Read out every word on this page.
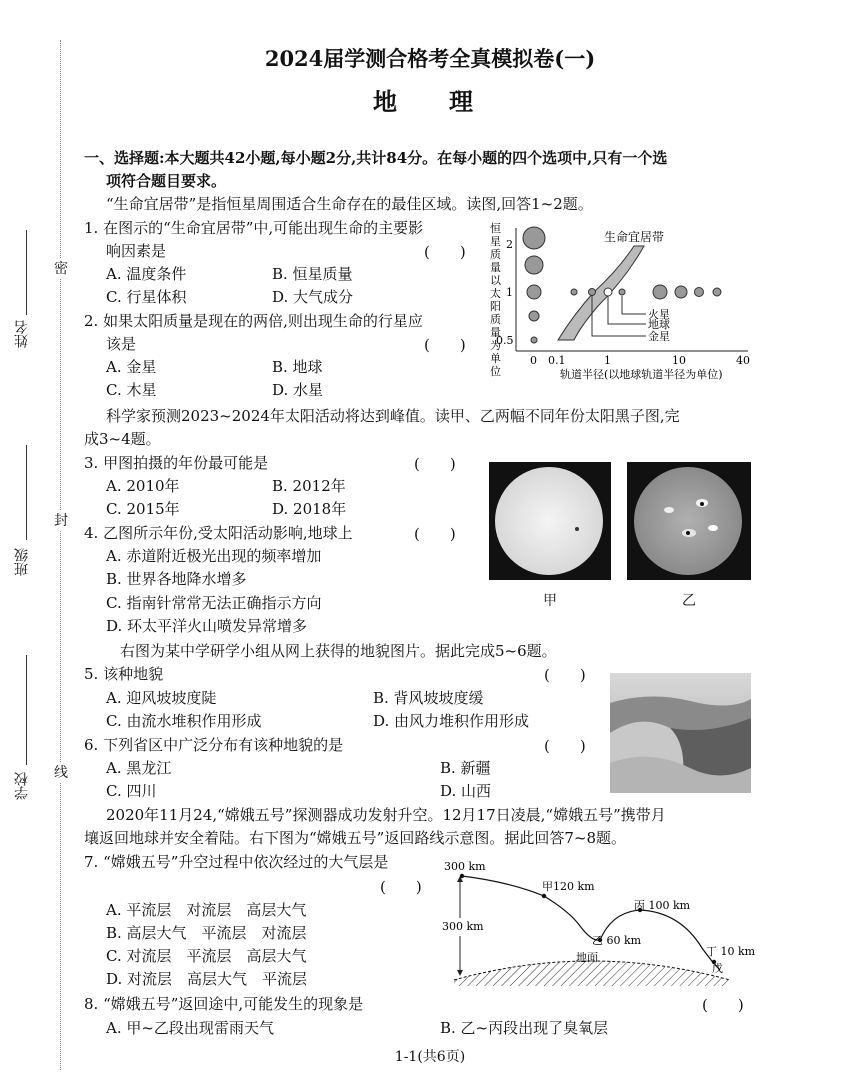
姓名
班级
学校
密
封
线
2024届学测合格考全真模拟卷(一)
地　理
一、选择题:本大题共42小题,每小题2分,共计84分。在每小题的四个选项中,只有一个选
项符合题目要求。
“生命宜居带”是指恒星周围适合生命存在的最佳区域。读图,回答1~2题。
1. 在图示的“生命宜居带”中,可能出现生命的主要影
响因素是	(　　)
A. 温度条件	B. 恒星质量
C. 行星体积	D. 大气成分
2. 如果太阳质量是现在的两倍,则出现生命的行星应
该是	(　　)
A. 金星	B. 地球
C. 木星	D. 水星
恒
星
质
量
以
太
阳
质
量
为
单
位
2
1
0.5
0 0.1	1	10	40
轨道半径(以地球轨道半径为单位)
生命宜居带
火星
地球
金星
科学家预测2023~2024年太阳活动将达到峰值。读甲、乙两幅不同年份太阳黑子图,完
成3~4题。
3. 甲图拍摄的年份最可能是	(　　)
A. 2010年	B. 2012年
C. 2015年	D. 2018年
4. 乙图所示年份,受太阳活动影响,地球上	(　　)
A. 赤道附近极光出现的频率增加
B. 世界各地降水增多
C. 指南针常常无法正确指示方向
D. 环太平洋火山喷发异常增多
甲	乙
右图为某中学研学小组从网上获得的地貌图片。据此完成5~6题。
5. 该种地貌	(　　)
A. 迎风坡坡度陡	B. 背风坡坡度缓
C. 由流水堆积作用形成	D. 由风力堆积作用形成
6. 下列省区中广泛分布有该种地貌的是	(　　)
A. 黑龙江	B. 新疆
C. 四川	D. 山西
2020年11月24,“嫦娥五号”探测器成功发射升空。12月17日凌晨,“嫦娥五号”携带月
壤返回地球并安全着陆。右下图为“嫦娥五号”返回路线示意图。据此回答7~8题。
7. “嫦娥五号”升空过程中依次经过的大气层是
(　　)
A. 平流层　对流层　高层大气
B. 高层大气　平流层　对流层
C. 对流层　平流层　高层大气
D. 对流层　高层大气　平流层
8. “嫦娥五号”返回途中,可能发生的现象是	(　　)
A. 甲~乙段出现雷雨天气	B. 乙~丙段出现了臭氧层
300 km
300 km
甲120 km
乙 60 km
丙 100 km
丁 10 km
戊
地面
1-1(共6页)
